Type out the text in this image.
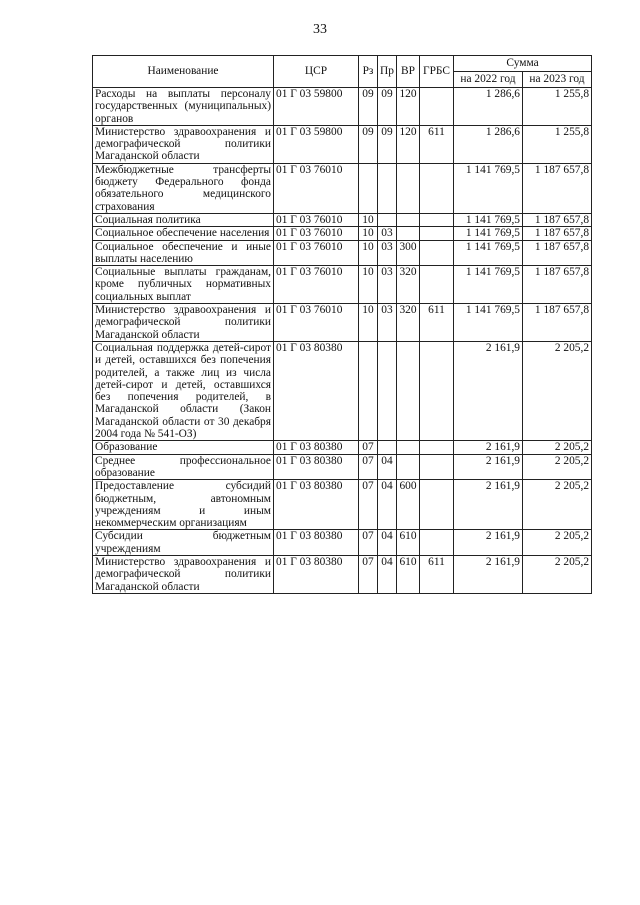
33
Наименование	ЦСР	Рз	Пр	ВР	ГРБС	Сумма	
						на 2022 год	на 2023 год
Расходы на выплаты персоналу государственных (муниципальных) органов	01 Г 03 59800	09	09	120		1 286,6	1 255,8
Министерство здравоохранения и демографической политики Магаданской области	01 Г 03 59800	09	09	120	611	1 286,6	1 255,8
Межбюджетные трансферты бюджету Федерального фонда обязательного медицинского страхования	01 Г 03 76010					1 141 769,5	1 187 657,8
Социальная политика	01 Г 03 76010	10				1 141 769,5	1 187 657,8
Социальное обеспечение населения	01 Г 03 76010	10	03			1 141 769,5	1 187 657,8
Социальное обеспечение и иные выплаты населению	01 Г 03 76010	10	03	300		1 141 769,5	1 187 657,8
Социальные выплаты гражданам, кроме публичных нормативных социальных выплат	01 Г 03 76010	10	03	320		1 141 769,5	1 187 657,8
Министерство здравоохранения и демографической политики Магаданской области	01 Г 03 76010	10	03	320	611	1 141 769,5	1 187 657,8
Социальная поддержка детей-сирот и детей, оставшихся без попечения родителей, а также лиц из числа детей-сирот и детей, оставшихся без попечения родителей, в Магаданской области (Закон Магаданской области от 30 декабря 2004 года № 541-ОЗ)	01 Г 03 80380					2 161,9	2 205,2
Образование	01 Г 03 80380	07				2 161,9	2 205,2
Среднее профессиональное образование	01 Г 03 80380	07	04			2 161,9	2 205,2
Предоставление субсидий бюджетным, автономным учреждениям и иным некоммерческим организациям	01 Г 03 80380	07	04	600		2 161,9	2 205,2
Субсидии бюджетным учреждениям	01 Г 03 80380	07	04	610		2 161,9	2 205,2
Министерство здравоохранения и демографической политики Магаданской области	01 Г 03 80380	07	04	610	611	2 161,9	2 205,2
